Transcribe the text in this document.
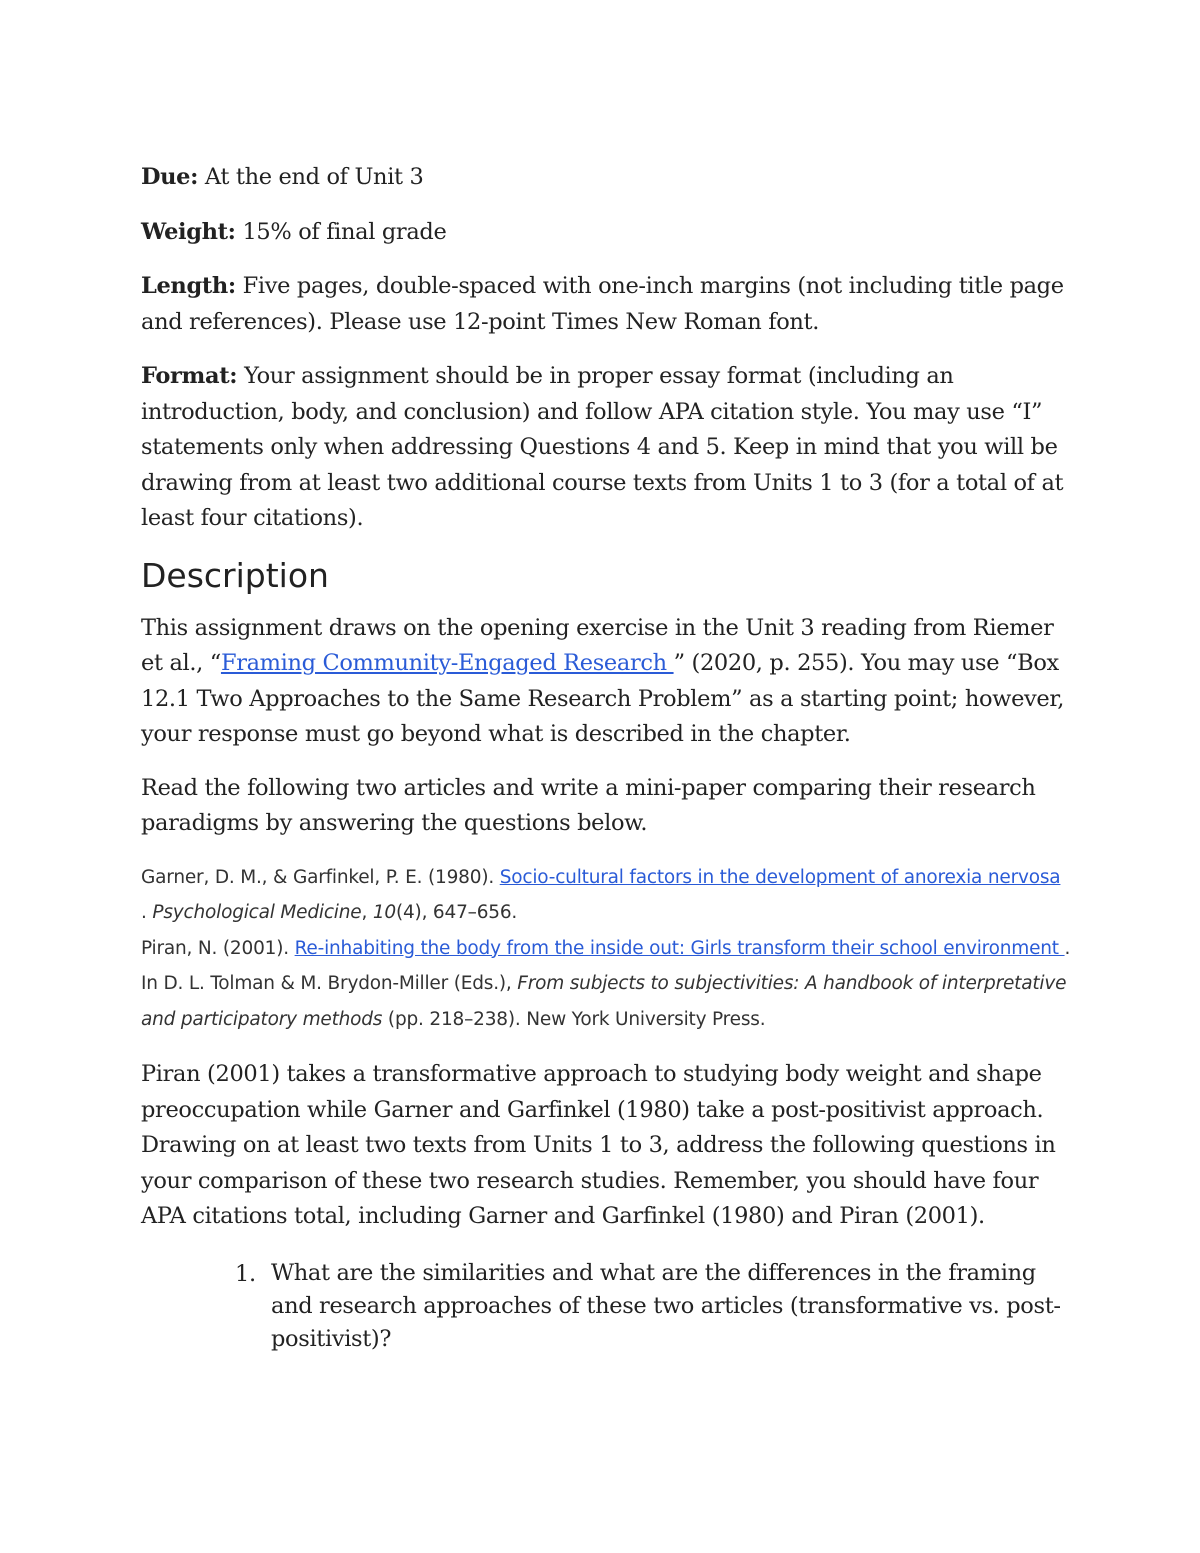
Due: At the end of Unit 3

Weight: 15% of final grade

Length: Five pages, double-spaced with one-inch margins (not including title page and references). Please use 12-point Times New Roman font.

Format: Your assignment should be in proper essay format (including an introduction, body, and conclusion) and follow APA citation style. You may use “I” statements only when addressing Questions 4 and 5. Keep in mind that you will be drawing from at least two additional course texts from Units 1 to 3 (for a total of at least four citations).

Description

This assignment draws on the opening exercise in the Unit 3 reading from Riemer et al., “Framing Community-Engaged Research ” (2020, p. 255). You may use “Box 12.1 Two Approaches to the Same Research Problem” as a starting point; however, your response must go beyond what is described in the chapter.

Read the following two articles and write a mini-paper comparing their research paradigms by answering the questions below.

Garner, D. M., & Garfinkel, P. E. (1980). Socio-cultural factors in the development of anorexia nervosa . Psychological Medicine, 10(4), 647–656.

Piran, N. (2001). Re-inhabiting the body from the inside out: Girls transform their school environment . In D. L. Tolman & M. Brydon-Miller (Eds.), From subjects to subjectivities: A handbook of interpretative and participatory methods (pp. 218–238). New York University Press.

Piran (2001) takes a transformative approach to studying body weight and shape preoccupation while Garner and Garfinkel (1980) take a post-positivist approach. Drawing on at least two texts from Units 1 to 3, address the following questions in your comparison of these two research studies. Remember, you should have four APA citations total, including Garner and Garfinkel (1980) and Piran (2001).

1. What are the similarities and what are the differences in the framing and research approaches of these two articles (transformative vs. post-positivist)?
